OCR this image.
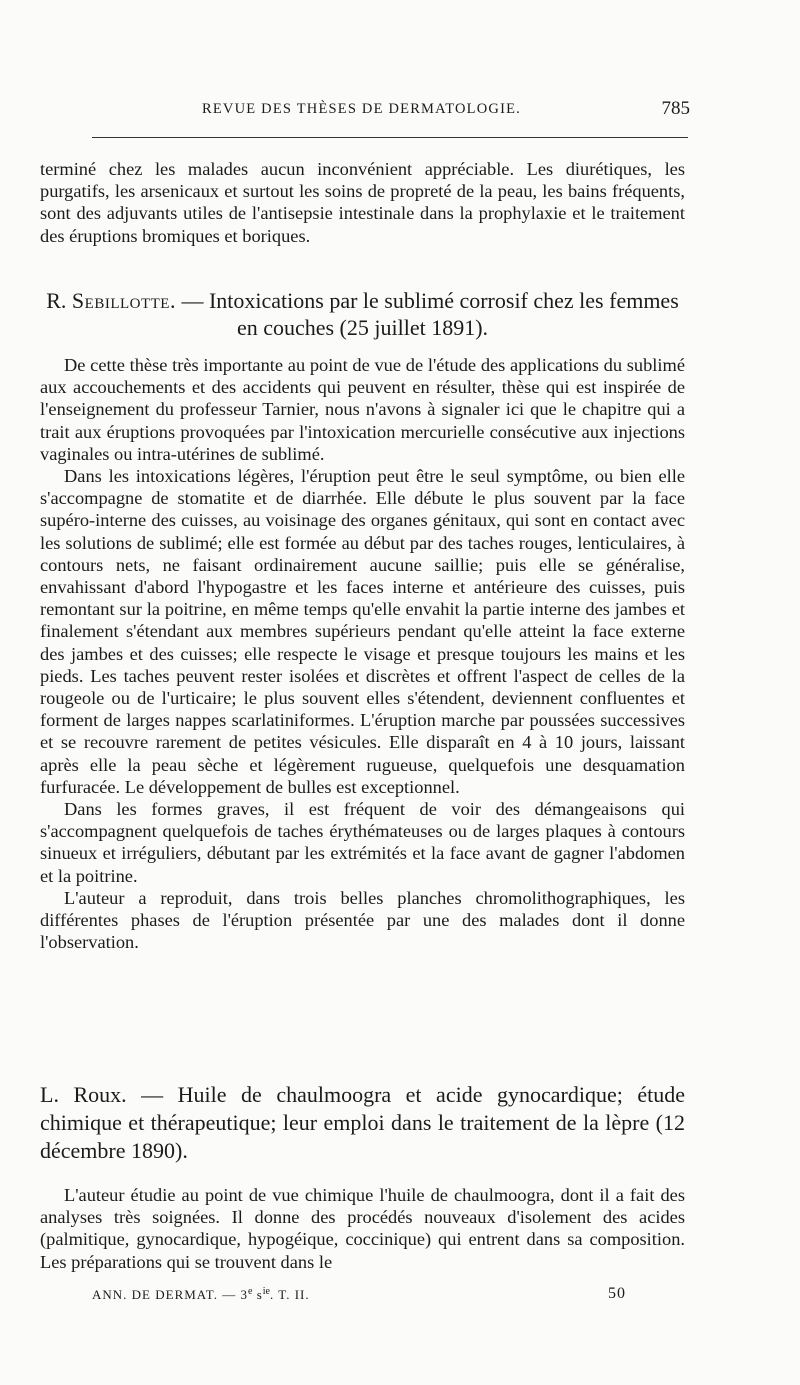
REVUE DES THÈSES DE DERMATOLOGIE.	785

terminé chez les malades aucun inconvénient appréciable. Les diurétiques, les purgatifs, les arsenicaux et surtout les soins de propreté de la peau, les bains fréquents, sont des adjuvants utiles de l'antisepsie intestinale dans la prophylaxie et le traitement des éruptions bromiques et boriques.

R. Sebillotte. — Intoxications par le sublimé corrosif chez les femmes en couches (25 juillet 1891).

De cette thèse très importante au point de vue de l'étude des applications du sublimé aux accouchements et des accidents qui peuvent en résulter, thèse qui est inspirée de l'enseignement du professeur Tarnier, nous n'avons à signaler ici que le chapitre qui a trait aux éruptions provoquées par l'intoxication mercurielle consécutive aux injections vaginales ou intra-utérines de sublimé.

Dans les intoxications légères, l'éruption peut être le seul symptôme, ou bien elle s'accompagne de stomatite et de diarrhée. Elle débute le plus souvent par la face supéro-interne des cuisses, au voisinage des organes génitaux, qui sont en contact avec les solutions de sublimé; elle est formée au début par des taches rouges, lenticulaires, à contours nets, ne faisant ordinairement aucune saillie; puis elle se généralise, envahissant d'abord l'hypogastre et les faces interne et antérieure des cuisses, puis remontant sur la poitrine, en même temps qu'elle envahit la partie interne des jambes et finalement s'étendant aux membres supérieurs pendant qu'elle atteint la face externe des jambes et des cuisses; elle respecte le visage et presque toujours les mains et les pieds. Les taches peuvent rester isolées et discrètes et offrent l'aspect de celles de la rougeole ou de l'urticaire; le plus souvent elles s'étendent, deviennent confluentes et forment de larges nappes scarlatiniformes. L'éruption marche par poussées successives et se recouvre rarement de petites vésicules. Elle disparaît en 4 à 10 jours, laissant après elle la peau sèche et légèrement rugueuse, quelquefois une desquamation furfuracée. Le développement de bulles est exceptionnel.

Dans les formes graves, il est fréquent de voir des démangeaisons qui s'accompagnent quelquefois de taches érythémateuses ou de larges plaques à contours sinueux et irréguliers, débutant par les extrémités et la face avant de gagner l'abdomen et la poitrine.

L'auteur a reproduit, dans trois belles planches chromolithographiques, les différentes phases de l'éruption présentée par une des malades dont il donne l'observation.

L. Roux. — Huile de chaulmoogra et acide gynocardique; étude chimique et thérapeutique; leur emploi dans le traitement de la lèpre (12 décembre 1890).

L'auteur étudie au point de vue chimique l'huile de chaulmoogra, dont il a fait des analyses très soignées. Il donne des procédés nouveaux d'isolement des acides (palmitique, gynocardique, hypogéique, coccinique) qui entrent dans sa composition. Les préparations qui se trouvent dans le

ANN. DE DERMAT. — 3e $s^{ie}$. T. II.	50
